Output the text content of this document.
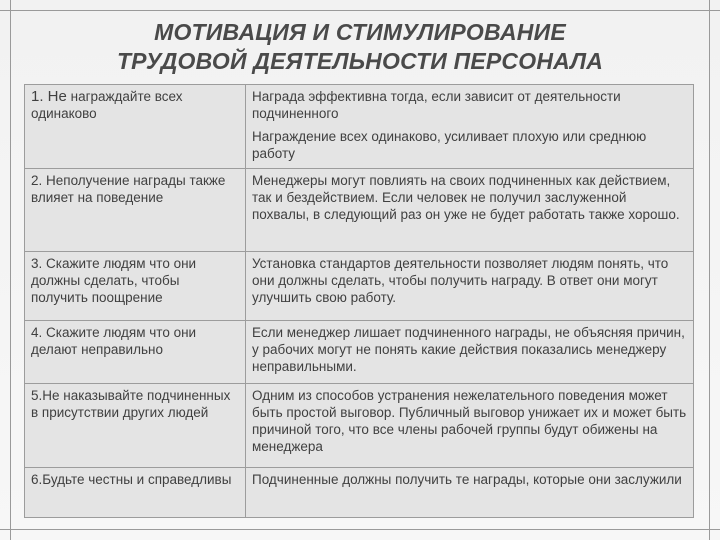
МОТИВАЦИЯ И СТИМУЛИРОВАНИЕ
ТРУДОВОЙ ДЕЯТЕЛЬНОСТИ ПЕРСОНАЛА
1. Не награждайте всех одинаково	Награда эффективна тогда, если зависит от деятельности подчиненного
Награждение всех одинаково, усиливает плохую или среднюю работу

2. Неполучение награды также влияет на поведение	Менеджеры могут повлиять на своих подчиненных как действием, так и бездействием. Если человек не получил заслуженной похвалы, в следующий раз он уже не будет работать также хорошо.
3. Скажите людям что они должны сделать, чтобы получить поощрение	Установка стандартов деятельности позволяет людям понять, что они должны сделать, чтобы получить награду. В ответ они могут улучшить свою работу.
4. Скажите людям что они делают неправильно	Если менеджер лишает подчиненного награды, не объясняя причин, у рабочих могут не понять какие действия показались менеджеру неправильными.
5.Не наказывайте подчиненных в присутствии других людей	Одним из способов устранения нежелательного поведения может быть простой выговор. Публичный выговор унижает их и может быть причиной того, что все члены рабочей группы будут обижены на менеджера
6.Будьте честны и справедливы	Подчиненные должны получить те награды, которые они заслужили
